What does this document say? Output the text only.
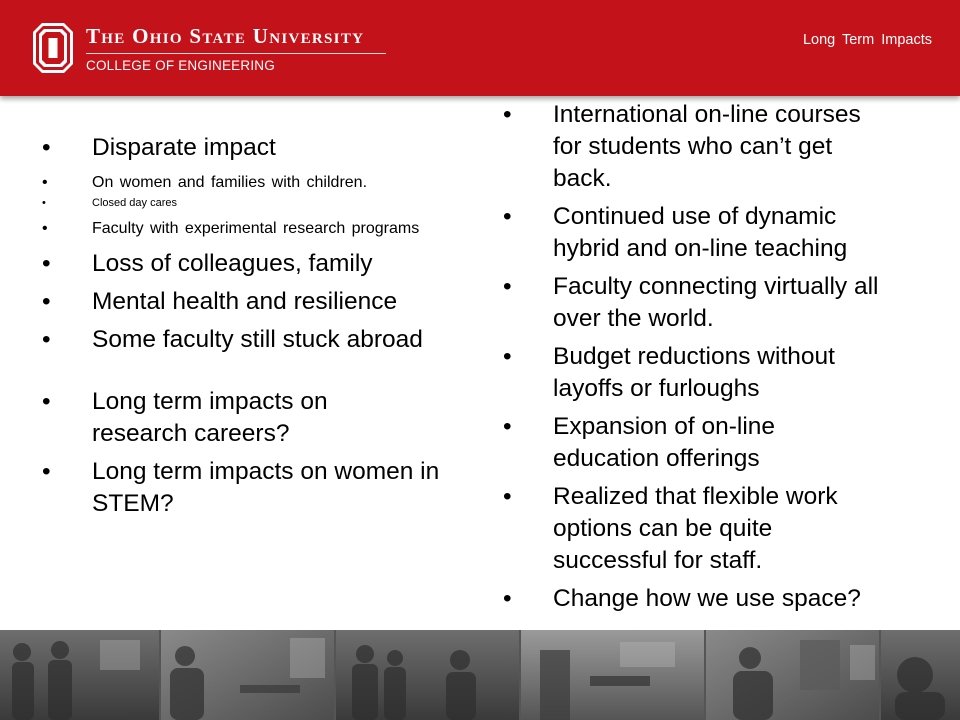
The Ohio State University
COLLEGE OF ENGINEERING
Long Term Impacts
• Disparate impact
•	On women and families with children.
•	Closed day cares
•	Faculty with experimental research programs
• Loss of colleagues, family
• Mental health and resilience
• Some faculty still stuck abroad
• Long term impacts on research careers?
• Long term impacts on women in STEM?
• International on-line courses for students who can’t get back.
• Continued use of dynamic hybrid and on-line teaching
• Faculty connecting virtually all over the world.
• Budget reductions without layoffs or furloughs
• Expansion of on-line education offerings
• Realized that flexible work options can be quite successful for staff.
• Change how we use space?
